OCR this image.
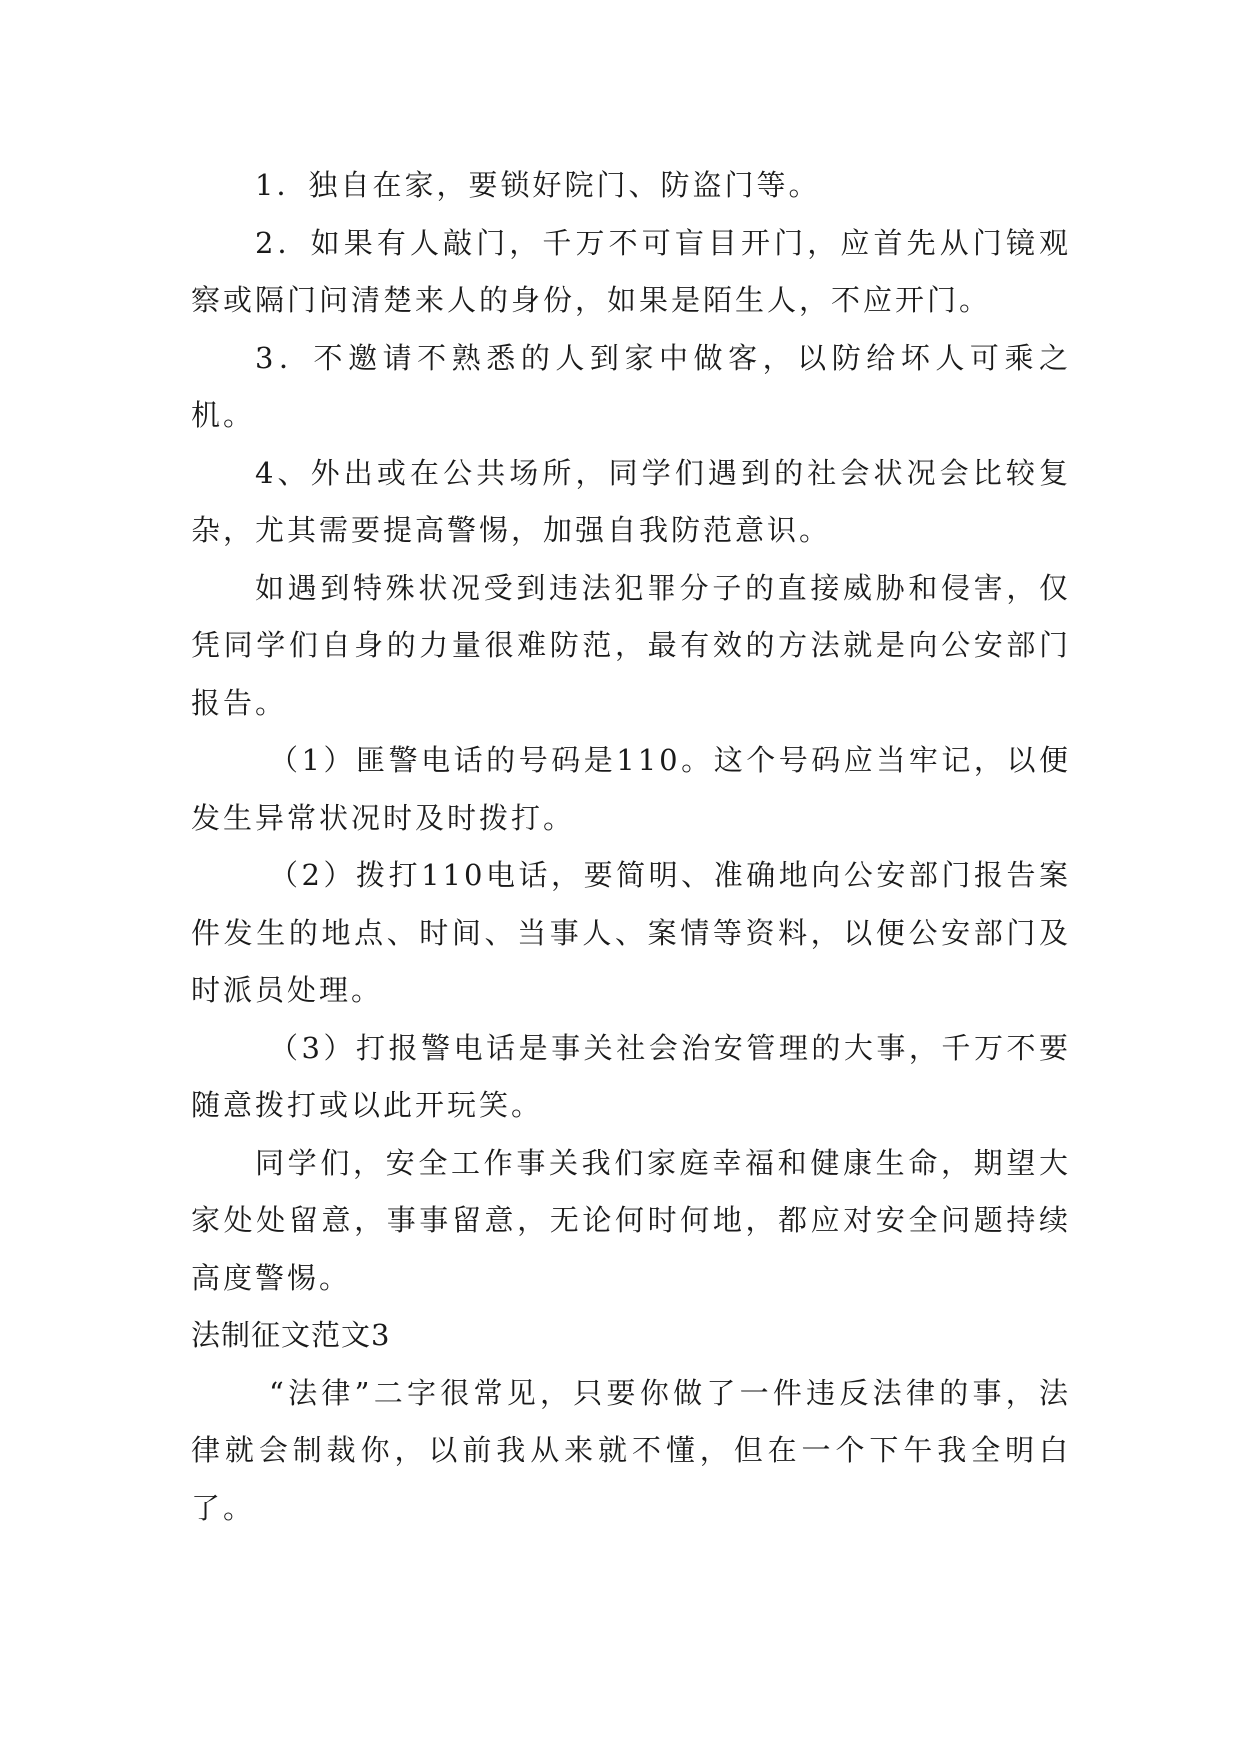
1．独自在家，要锁好院门、防盗门等。

2．如果有人敲门，千万不可盲目开门，应首先从门镜观察或隔门问清楚来人的身份，如果是陌生人，不应开门。

3．不邀请不熟悉的人到家中做客，以防给坏人可乘之机。

4、外出或在公共场所，同学们遇到的社会状况会比较复杂，尤其需要提高警惕，加强自我防范意识。

如遇到特殊状况受到违法犯罪分子的直接威胁和侵害，仅凭同学们自身的力量很难防范，最有效的方法就是向公安部门报告。

（1）匪警电话的号码是110。这个号码应当牢记，以便发生异常状况时及时拨打。

（2）拨打110电话，要简明、准确地向公安部门报告案件发生的地点、时间、当事人、案情等资料，以便公安部门及时派员处理。

（3）打报警电话是事关社会治安管理的大事，千万不要随意拨打或以此开玩笑。

同学们，安全工作事关我们家庭幸福和健康生命，期望大家处处留意，事事留意，无论何时何地，都应对安全问题持续高度警惕。

法制征文范文3

“法律”二字很常见，只要你做了一件违反法律的事，法律就会制裁你，以前我从来就不懂，但在一个下午我全明白了。
